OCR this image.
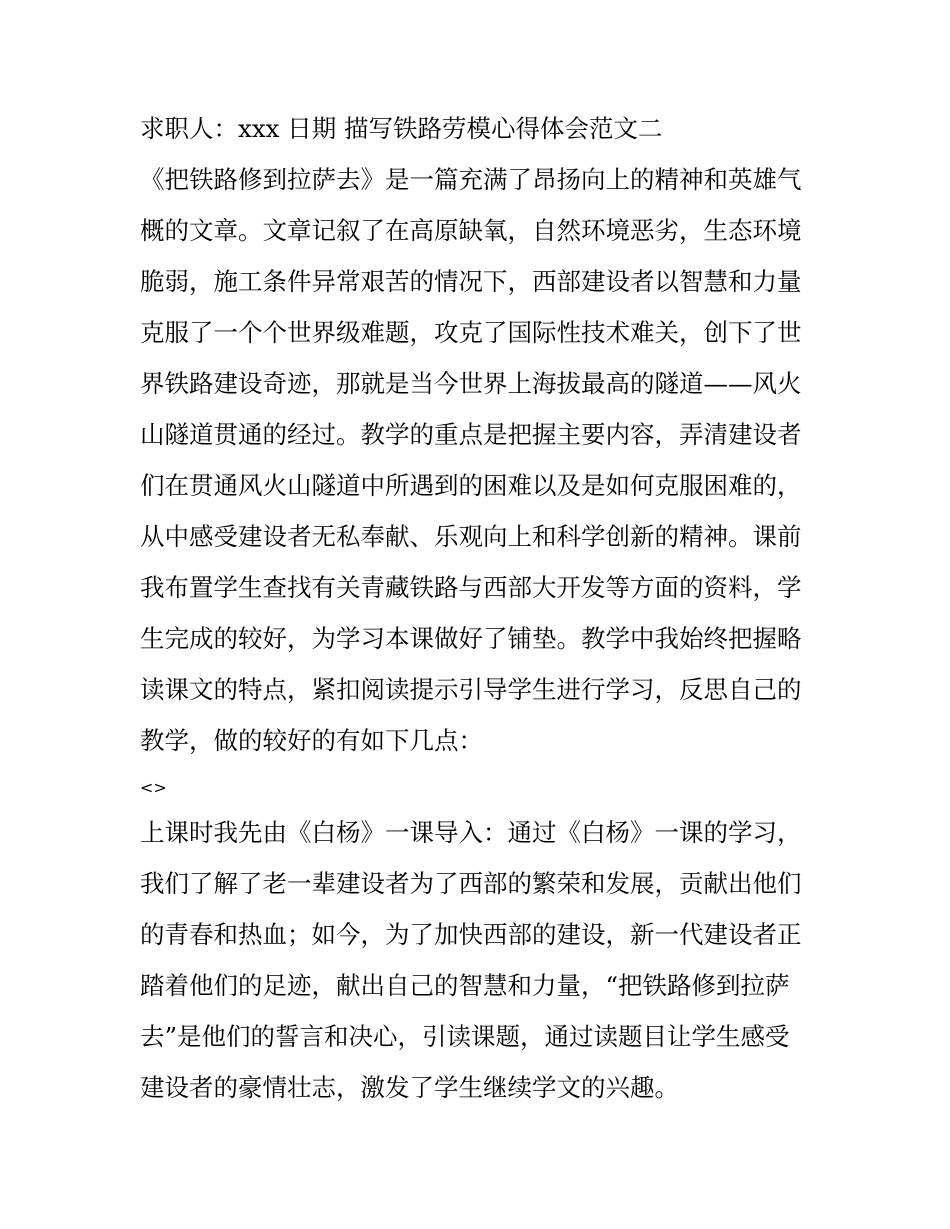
求职人：xxx 日期 描写铁路劳模心得体会范文二
《把铁路修到拉萨去》是一篇充满了昂扬向上的精神和英雄气
概的文章。文章记叙了在高原缺氧，自然环境恶劣，生态环境
脆弱，施工条件异常艰苦的情况下，西部建设者以智慧和力量
克服了一个个世界级难题，攻克了国际性技术难关，创下了世
界铁路建设奇迹，那就是当今世界上海拔最高的隧道——风火
山隧道贯通的经过。教学的重点是把握主要内容，弄清建设者
们在贯通风火山隧道中所遇到的困难以及是如何克服困难的，
从中感受建设者无私奉献、乐观向上和科学创新的精神。课前
我布置学生查找有关青藏铁路与西部大开发等方面的资料，学
生完成的较好，为学习本课做好了铺垫。教学中我始终把握略
读课文的特点，紧扣阅读提示引导学生进行学习，反思自己的
教学，做的较好的有如下几点：
<>
上课时我先由《白杨》一课导入：通过《白杨》一课的学习，
我们了解了老一辈建设者为了西部的繁荣和发展，贡献出他们
的青春和热血；如今，为了加快西部的建设，新一代建设者正
踏着他们的足迹，献出自己的智慧和力量，“把铁路修到拉萨
去”是他们的誓言和决心，引读课题，通过读题目让学生感受
建设者的豪情壮志，激发了学生继续学文的兴趣。
